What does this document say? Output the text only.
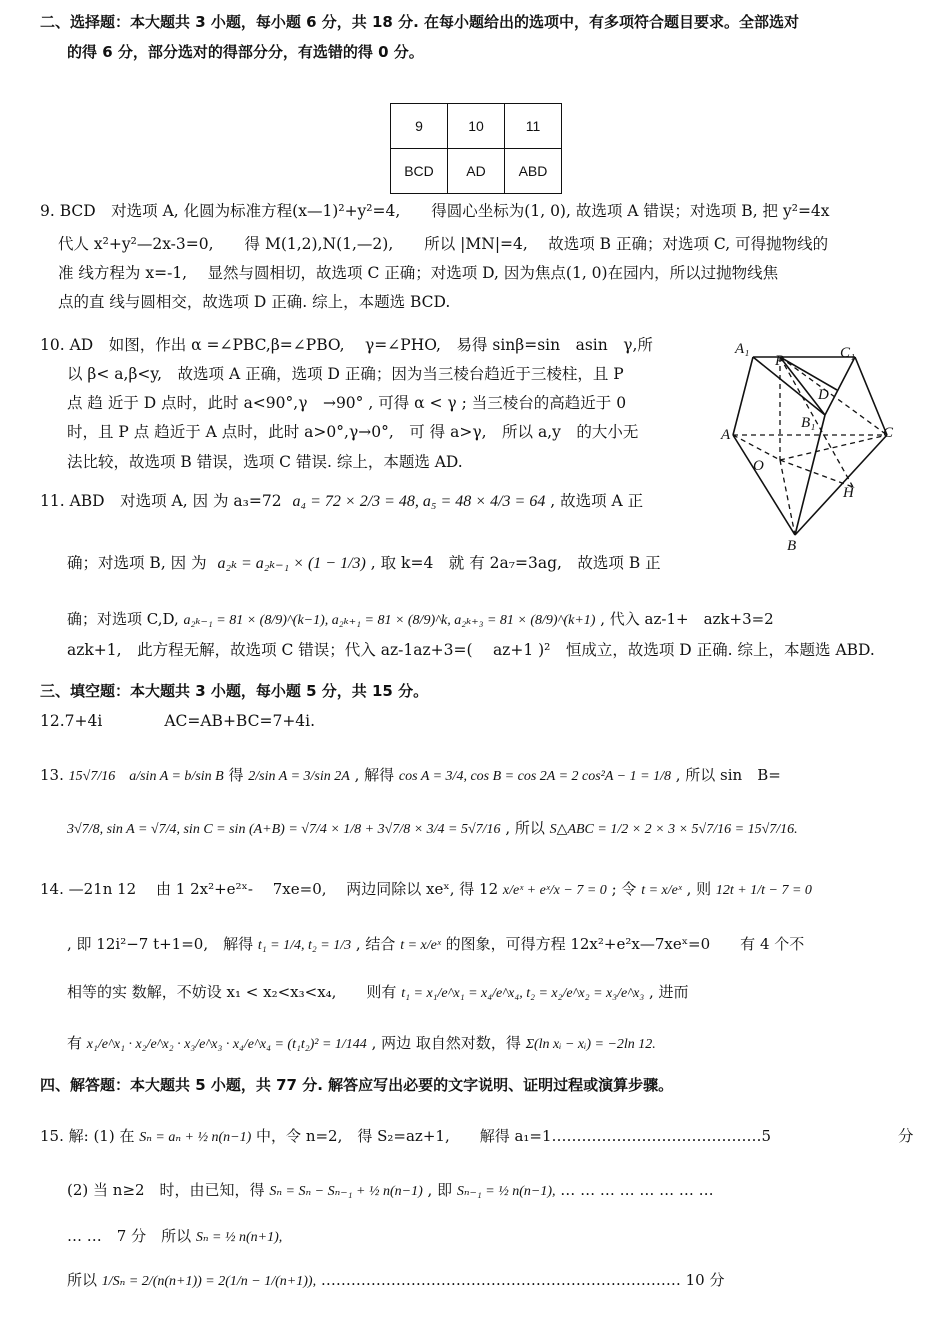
二、选择题：本大题共 3 小题，每小题 6 分，共 18 分. 在每小题给出的选项中，有多项符合题目要求。全部选对
的得 6 分，部分选对的得部分分，有选错的得 0 分。
9	10	11
BCD	AD	ABD
9. BCD　对选项 A, 化圆为标准方程(x—1)²+y²=4,　　得圆心坐标为(1, 0), 故选项 A 错误；对选项 B, 把 y²=4x
代人 x²+y²—2x-3=0,　　得 M(1,2),N(1,—2),　　所以 |MN|=4,　 故选项 B 正确；对选项 C, 可得抛物线的
准 线方程为 x=-1,　 显然与圆相切，故选项 C 正确；对选项 D, 因为焦点(1, 0)在园内，所以过抛物线焦
点的直 线与圆相交，故选项 D 正确. 综上，本题选 BCD.
10. AD　如图，作出 α =∠PBC,β=∠PBO,　 γ=∠PHO,　易得 sinβ=sin　asin　γ,所
以 β< a,β<y,　故选项 A 正确，选项 D 正确；因为当三棱台趋近于三棱柱，且 P
点 趋 近于 D 点时，此时 a<90°,γ　→90° , 可得 α < γ ; 当三棱台的高趋近于 0
时，且 P 点 趋近于 A 点时，此时 a>0°,γ→0°,　可 得 a>γ,　所以 a,y　的大小无
法比较，故选项 B 错误，选项 C 错误. 综上，本题选 AD.
A₁
P	C₁
D
B₁
A	C
O
H
B
11. ABD　对选项 A, 因 为 a₃=72 a₄ = 72 × 2/3 = 48, a₅ = 48 × 4/3 = 64 , 故选项 A 正
确；对选项 B, 因 为 a₂ₖ = a₂ₖ₋₁ × (1 − 1/3) , 取 k=4　就 有 2a₇=3ag,　故选项 B 正
确；对选项 C,D, a₂ₖ₋₁ = 81 × (8/9)^(k−1), a₂ₖ₊₁ = 81 × (8/9)^k, a₂ₖ₊₃ = 81 × (8/9)^(k+1) , 代入 az-1+　azk+3=2
azk+1,　此方程无解，故选项 C 错误；代入 az-1az+3=(　 az+1 )²　恒成立，故选项 D 正确. 综上，本题选 ABD.
三、填空题：本大题共 3 小题，每小题 5 分，共 15 分。
12.7+4i　　　　AC=AB+BC=7+4i.
13. 15√7/16　a/sin A = b/sin B 得 2/sin A = 3/sin 2A , 解得 cos A = 3/4, cos B = cos 2A = 2 cos²A − 1 = 1/8 , 所以 sin　B=
3√7/8, sin A = √7/4, sin C = sin (A+B) = √7/4 × 1/8 + 3√7/8 × 3/4 = 5√7/16 , 所以 S△ABC = 1/2 × 2 × 3 × 5√7/16 = 15√7/16.
14. —21n 12　 由 1 2x²+e²ˣ-　 7xe=0,　 两边同除以 xeˣ, 得 12 x/eˣ + eˣ/x − 7 = 0 ; 令 t = x/eˣ , 则 12t + 1/t − 7 = 0
, 即 12i²−7 t+1=0,　解得 t₁ = 1/4, t₂ = 1/3 , 结合 t = x/eˣ 的图象，可得方程 12x²+e²x—7xeˣ=0　　有 4 个不
相等的实 数解，不妨设 x₁ < x₂<x₃<x₄,　　则有 t₁ = x₁/e^x₁ = x₄/e^x₄, t₂ = x₂/e^x₂ = x₃/e^x₃ , 进而
有 x₁/e^x₁ · x₂/e^x₂ · x₃/e^x₃ · x₄/e^x₄ = (t₁t₂)² = 1/144 , 两边 取自然对数，得 Σ(ln xᵢ − xᵢ) = −2ln 12.
四、解答题：本大题共 5 小题，共 77 分. 解答应写出必要的文字说明、证明过程或演算步骤。
15. 解: (1) 在 Sₙ = aₙ + ½ n(n−1) 中，令 n=2,　得 S₂=az+1,　　解得 a₁=1……………………………………5	分
(2) 当 n≥2　时，由已知，得 Sₙ = Sₙ − Sₙ₋₁ + ½ n(n−1) , 即 Sₙ₋₁ = ½ n(n−1), … … … … … … … …
… …　7 分　所以 Sₙ = ½ n(n+1),
所以 1/Sₙ = 2/(n(n+1)) = 2(1/n − 1/(n+1)), ……………………………………………………………… 10 分
